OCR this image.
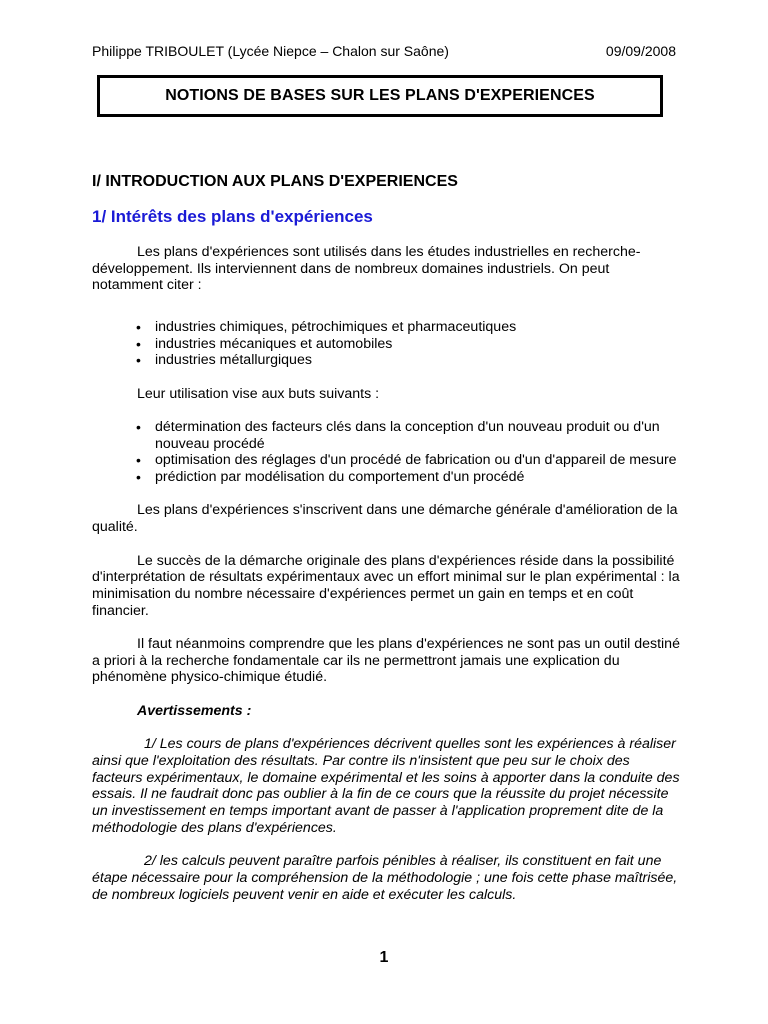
Philippe TRIBOULET (Lycée Niepce – Chalon sur Saône)	09/09/2008
NOTIONS DE BASES SUR LES PLANS D'EXPERIENCES
I/ INTRODUCTION AUX PLANS D'EXPERIENCES
1/ Intérêts des plans d'expériences

Les plans d'expériences sont utilisés dans les études industrielles en recherche-développement. Ils interviennent dans de nombreux domaines industriels. On peut notamment citer :

• industries chimiques, pétrochimiques et pharmaceutiques
• industries mécaniques et automobiles
• industries métallurgiques

Leur utilisation vise aux buts suivants :

• détermination des facteurs clés dans la conception d'un nouveau produit ou d'un nouveau procédé
• optimisation des réglages d'un procédé de fabrication ou d'un d'appareil de mesure
• prédiction par modélisation du comportement d'un procédé

Les plans d'expériences s'inscrivent dans une démarche générale d'amélioration de la qualité.

Le succès de la démarche originale des plans d'expériences réside dans la possibilité d'interprétation de résultats expérimentaux avec un effort minimal sur le plan expérimental : la minimisation du nombre nécessaire d'expériences permet un gain en temps et en coût financier.

Il faut néanmoins comprendre que les plans d'expériences ne sont pas un outil destiné a priori à la recherche fondamentale car ils ne permettront jamais une explication du phénomène physico-chimique étudié.

Avertissements :

1/ Les cours de plans d'expériences décrivent quelles sont les expériences à réaliser ainsi que l'exploitation des résultats. Par contre ils n'insistent que peu sur le choix des facteurs expérimentaux, le domaine expérimental et les soins à apporter dans la conduite des essais. Il ne faudrait donc pas oublier à la fin de ce cours que la réussite du projet nécessite un investissement en temps important avant de passer à l'application proprement dite de la méthodologie des plans d'expériences.

2/ les calculs peuvent paraître parfois pénibles à réaliser, ils constituent en fait une étape nécessaire pour la compréhension de la méthodologie ; une fois cette phase maîtrisée, de nombreux logiciels peuvent venir en aide et exécuter les calculs.

1
